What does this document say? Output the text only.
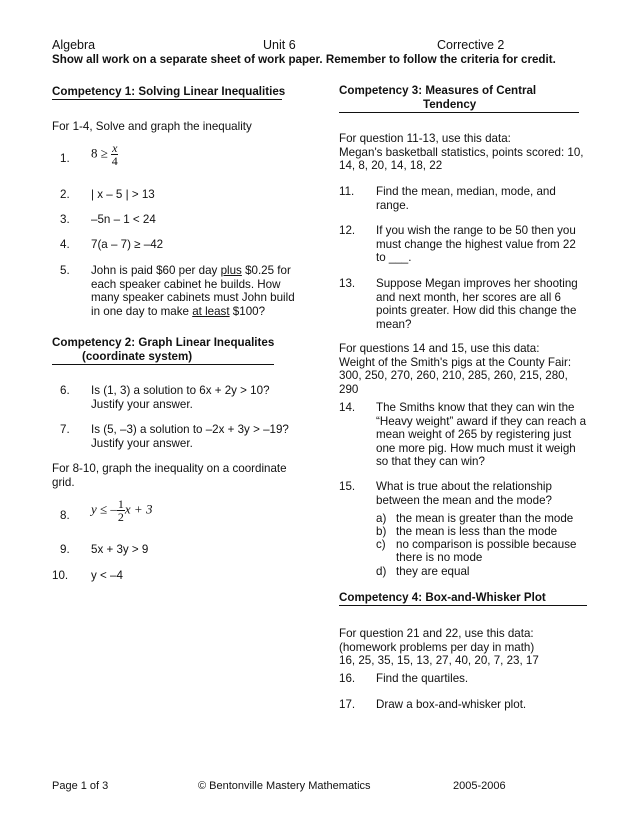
Algebra	Unit 6	Corrective 2
Show all work on a separate sheet of work paper. Remember to follow the criteria for credit.
Competency 1: Solving Linear Inequalities
For 1-4, Solve and graph the inequality
1. $8 \ge \frac{x}{4}$
2. | x – 5 | > 13
3. –5n – 1 < 24
4. 7(a – 7) ≥ –42
5. John is paid $60 per day plus $0.25 for
each speaker cabinet he builds. How
many speaker cabinets must John build
in one day to make at least $100?
Competency 2: Graph Linear Inequalites
(coordinate system)
6. Is (1, 3) a solution to 6x + 2y > 10?
Justify your answer.
7. Is (5, –3) a solution to –2x + 3y > –19?
Justify your answer.
For 8-10, graph the inequality on a coordinate
grid.
8. y ≤ – $\frac{1}{2}$ x + 3
9. 5x + 3y > 9
10. y < –4
Competency 3: Measures of Central
Tendency
For question 11-13, use this data:
Megan's basketball statistics, points scored: 10,
14, 8, 20, 14, 18, 22
11. Find the mean, median, mode, and
range.
12. If you wish the range to be 50 then you
must change the highest value from 22
to ___.
13. Suppose Megan improves her shooting
and next month, her scores are all 6
points greater. How did this change the
mean?
For questions 14 and 15, use this data:
Weight of the Smith's pigs at the County Fair:
300, 250, 270, 260, 210, 285, 260, 215, 280,
290
14. The Smiths know that they can win the
“Heavy weight” award if they can reach a
mean weight of 265 by registering just
one more pig. How much must it weigh
so that they can win?
15. What is true about the relationship
between the mean and the mode?
a) the mean is greater than the mode
b) the mean is less than the mode
c) no comparison is possible because
there is no mode
d) they are equal
Competency 4: Box-and-Whisker Plot
For question 21 and 22, use this data:
(homework problems per day in math)
16, 25, 35, 15, 13, 27, 40, 20, 7, 23, 17
16. Find the quartiles.
17. Draw a box-and-whisker plot.
Page 1 of 3	© Bentonville Mastery Mathematics	2005-2006
